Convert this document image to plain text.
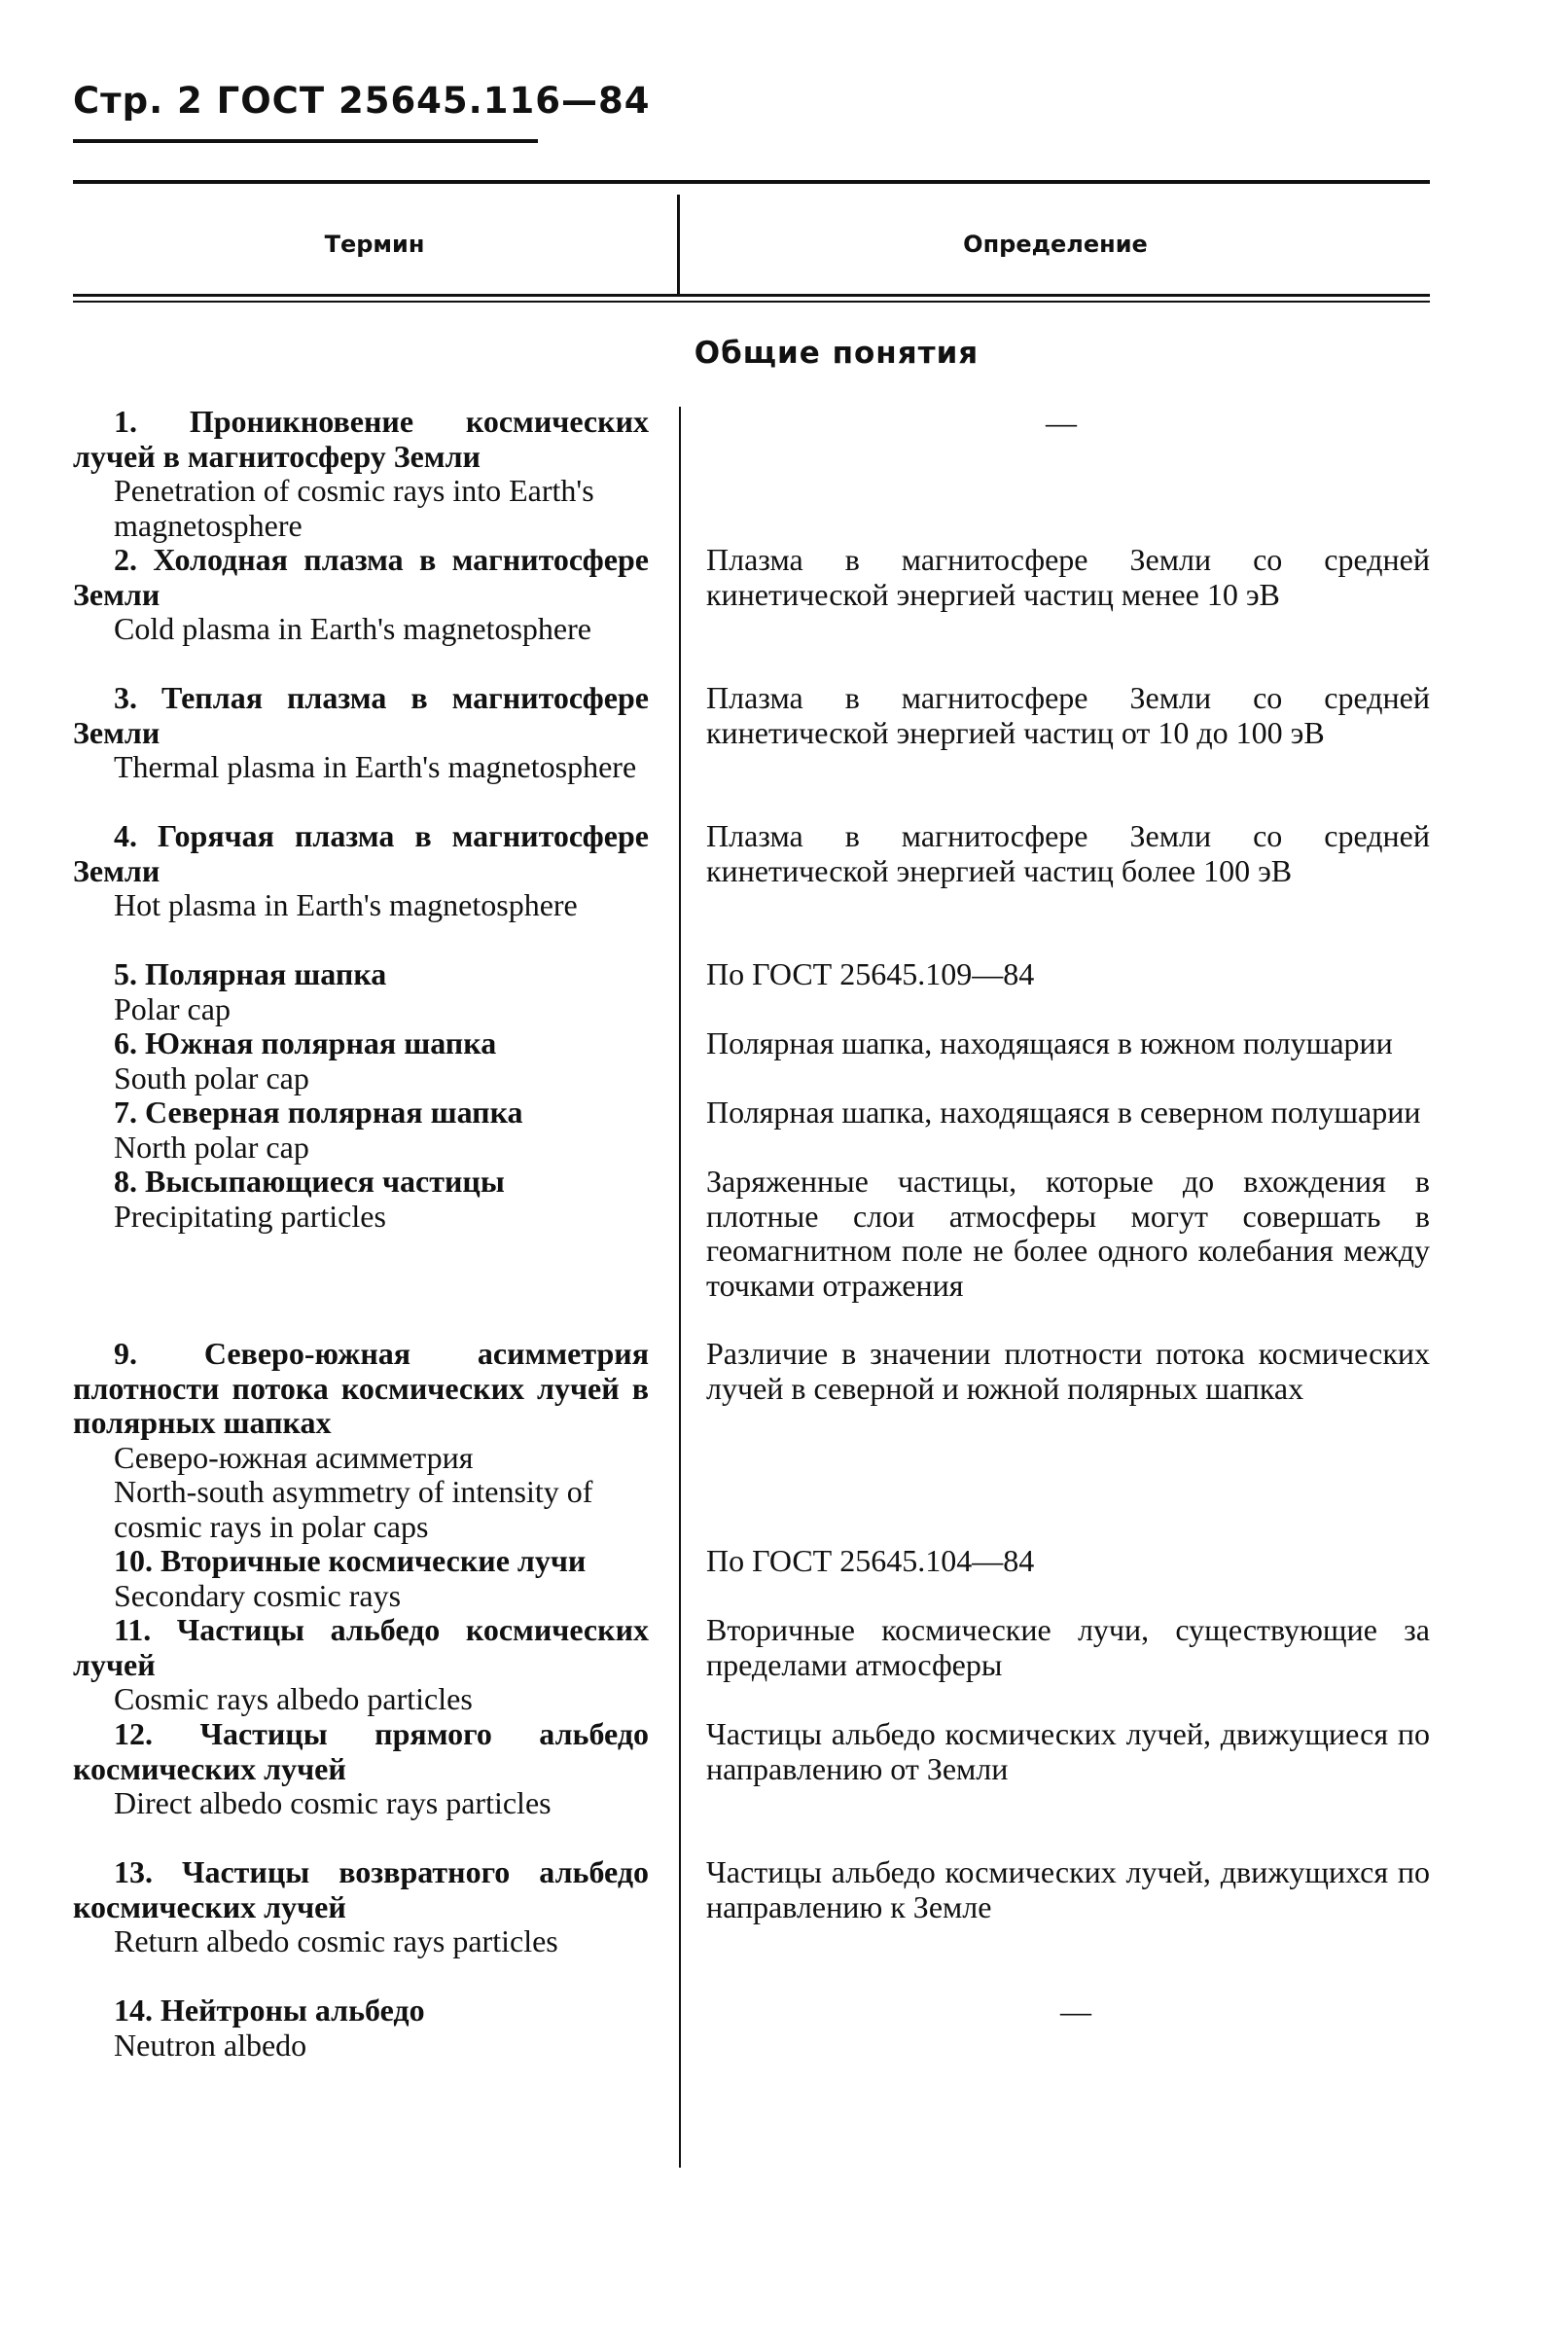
Стр. 2 ГОСТ 25645.116—84
Термин	Определение
Общие понятия
1. Проникновение космических лучей в магнитосферу Земли
Penetration of cosmic rays into Earth's magnetosphere
2. Холодная плазма в магнитосфере Земли
Cold plasma in Earth's magnetosphere
3. Теплая плазма в магнитосфере Земли
Thermal plasma in Earth's magnetosphere
4. Горячая плазма в магнитосфере Земли
Hot plasma in Earth's magnetosphere
5. Полярная шапка
Polar cap
6. Южная полярная шапка
South polar cap
7. Северная полярная шапка
North polar cap
8. Высыпающиеся частицы
Precipitating particles
9. Северо-южная асимметрия плотности потока космических лучей в полярных шапках
Северо-южная асимметрия
North-south asymmetry of intensity of cosmic rays in polar caps
10. Вторичные космические лучи
Secondary cosmic rays
11. Частицы альбедо космических лучей
Cosmic rays albedo particles
12. Частицы прямого альбедо космических лучей
Direct albedo cosmic rays particles
13. Частицы возвратного альбедо космических лучей
Return albedo cosmic rays particles
14. Нейтроны альбедо
Neutron albedo
—
Плазма в магнитосфере Земли со средней кинетической энергией частиц менее 10 эВ
Плазма в магнитосфере Земли со средней кинетической энергией частиц от 10 до 100 эВ
Плазма в магнитосфере Земли со средней кинетической энергией частиц более 100 эВ
По ГОСТ 25645.109—84
Полярная шапка, находящаяся в южном полушарии
Полярная шапка, находящаяся в северном полушарии
Заряженные частицы, которые до вхождения в плотные слои атмосферы могут совершать в геомагнитном поле не более одного колебания между точками отражения
Различие в значении плотности потока космических лучей в северной и южной полярных шапках
По ГОСТ 25645.104—84
Вторичные космические лучи, существующие за пределами атмосферы
Частицы альбедо космических лучей, движущиеся по направлению от Земли
Частицы альбедо космических лучей, движущихся по направлению к Земле
—
